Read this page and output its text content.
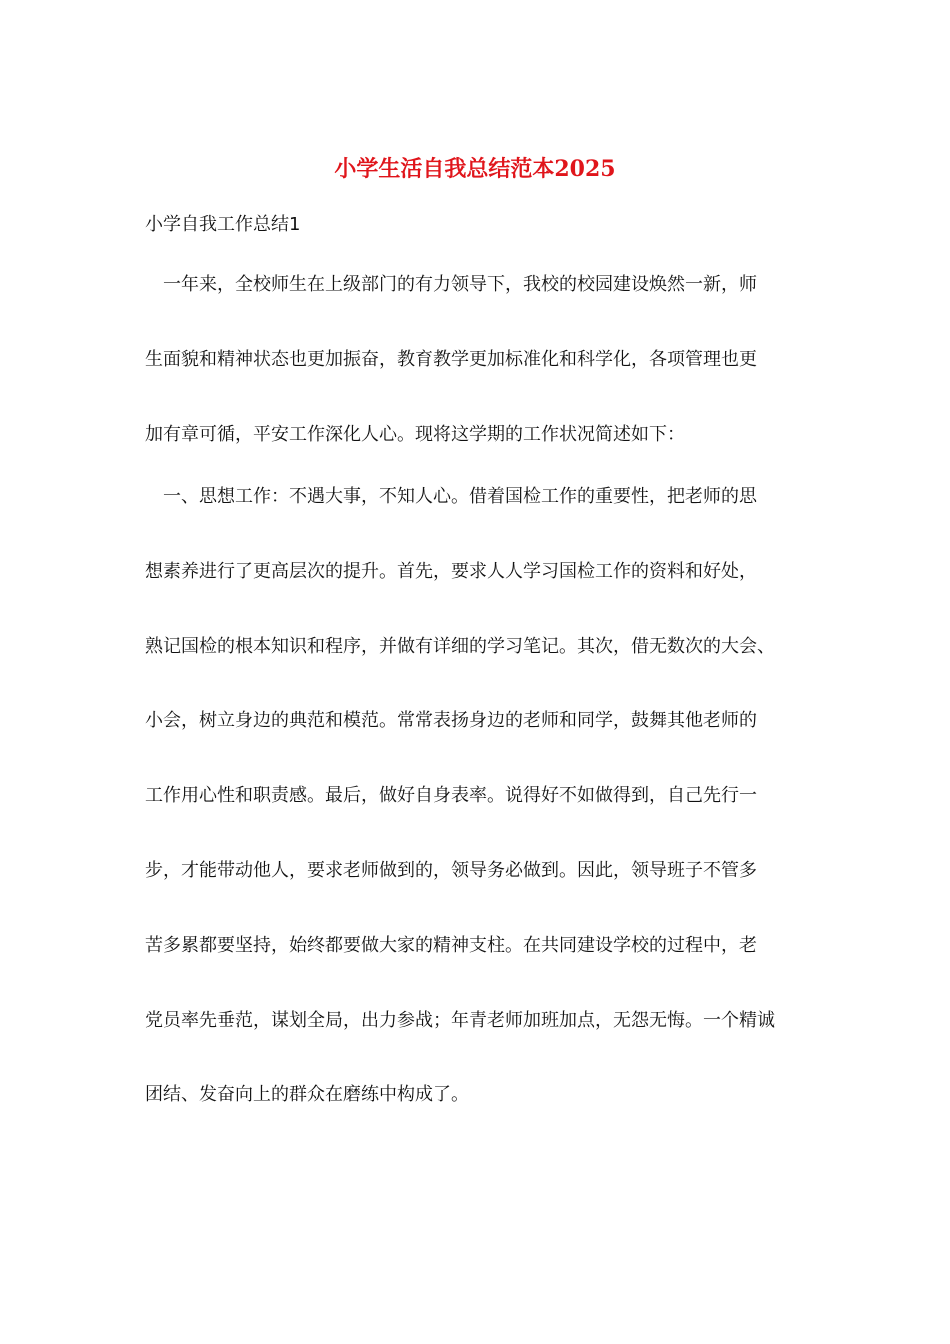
小学生活自我总结范本2025

小学自我工作总结1

　一年来，全校师生在上级部门的有力领导下，我校的校园建设焕然一新，师

生面貌和精神状态也更加振奋，教育教学更加标准化和科学化，各项管理也更

加有章可循，平安工作深化人心。现将这学期的工作状况简述如下：

　一、思想工作：不遇大事，不知人心。借着国检工作的重要性，把老师的思

想素养进行了更高层次的提升。首先，要求人人学习国检工作的资料和好处，

熟记国检的根本知识和程序，并做有详细的学习笔记。其次，借无数次的大会、

小会，树立身边的典范和模范。常常表扬身边的老师和同学，鼓舞其他老师的

工作用心性和职责感。最后，做好自身表率。说得好不如做得到，自己先行一

步，才能带动他人，要求老师做到的，领导务必做到。因此，领导班子不管多

苦多累都要坚持，始终都要做大家的精神支柱。在共同建设学校的过程中，老

党员率先垂范，谋划全局，出力参战；年青老师加班加点，无怨无悔。一个精诚

团结、发奋向上的群众在磨练中构成了。
